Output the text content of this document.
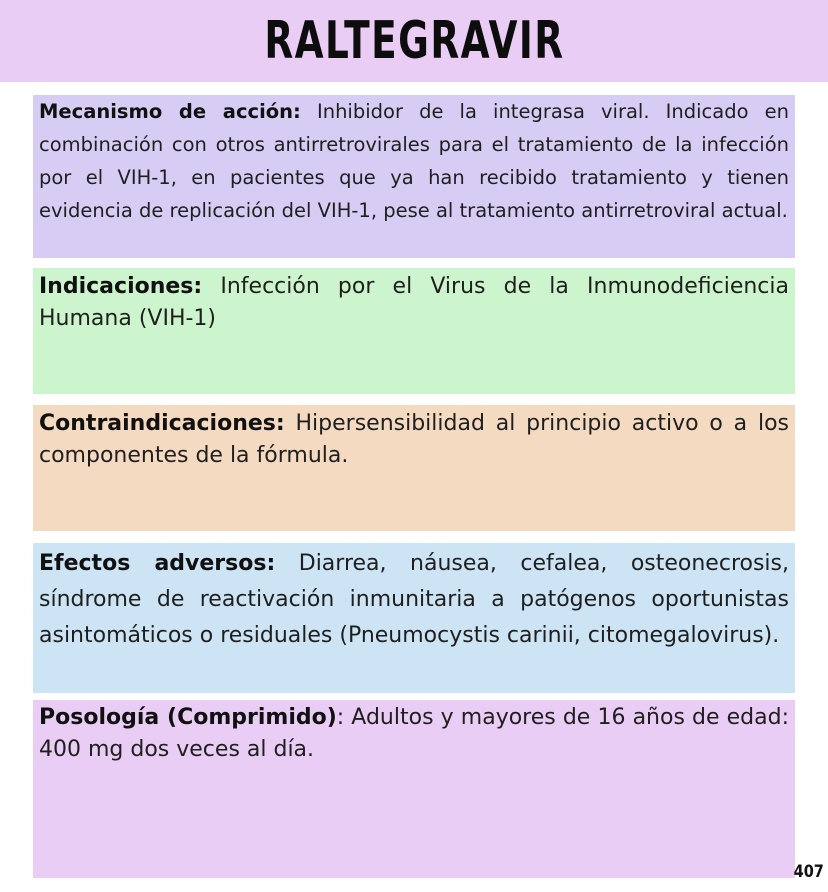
RALTEGRAVIR
Mecanismo de acción: Inhibidor de la integrasa viral. Indicado en combinación con otros antirretrovirales para el tratamiento de la infección por el VIH-1, en pacientes que ya han recibido tratamiento y tienen evidencia de replicación del VIH-1, pese al tratamiento antirretroviral actual.
Indicaciones: Infección por el Virus de la Inmunodeficiencia Humana (VIH-1)
Contraindicaciones: Hipersensibilidad al principio activo o a los componentes de la fórmula.
Efectos adversos: Diarrea, náusea, cefalea, osteonecrosis, síndrome de reactivación inmunitaria a patógenos oportunistas asintomáticos o residuales (Pneumocystis carinii, citomegalovirus).
Posología (Comprimido): Adultos y mayores de 16 años de edad: 400 mg dos veces al día.
407
